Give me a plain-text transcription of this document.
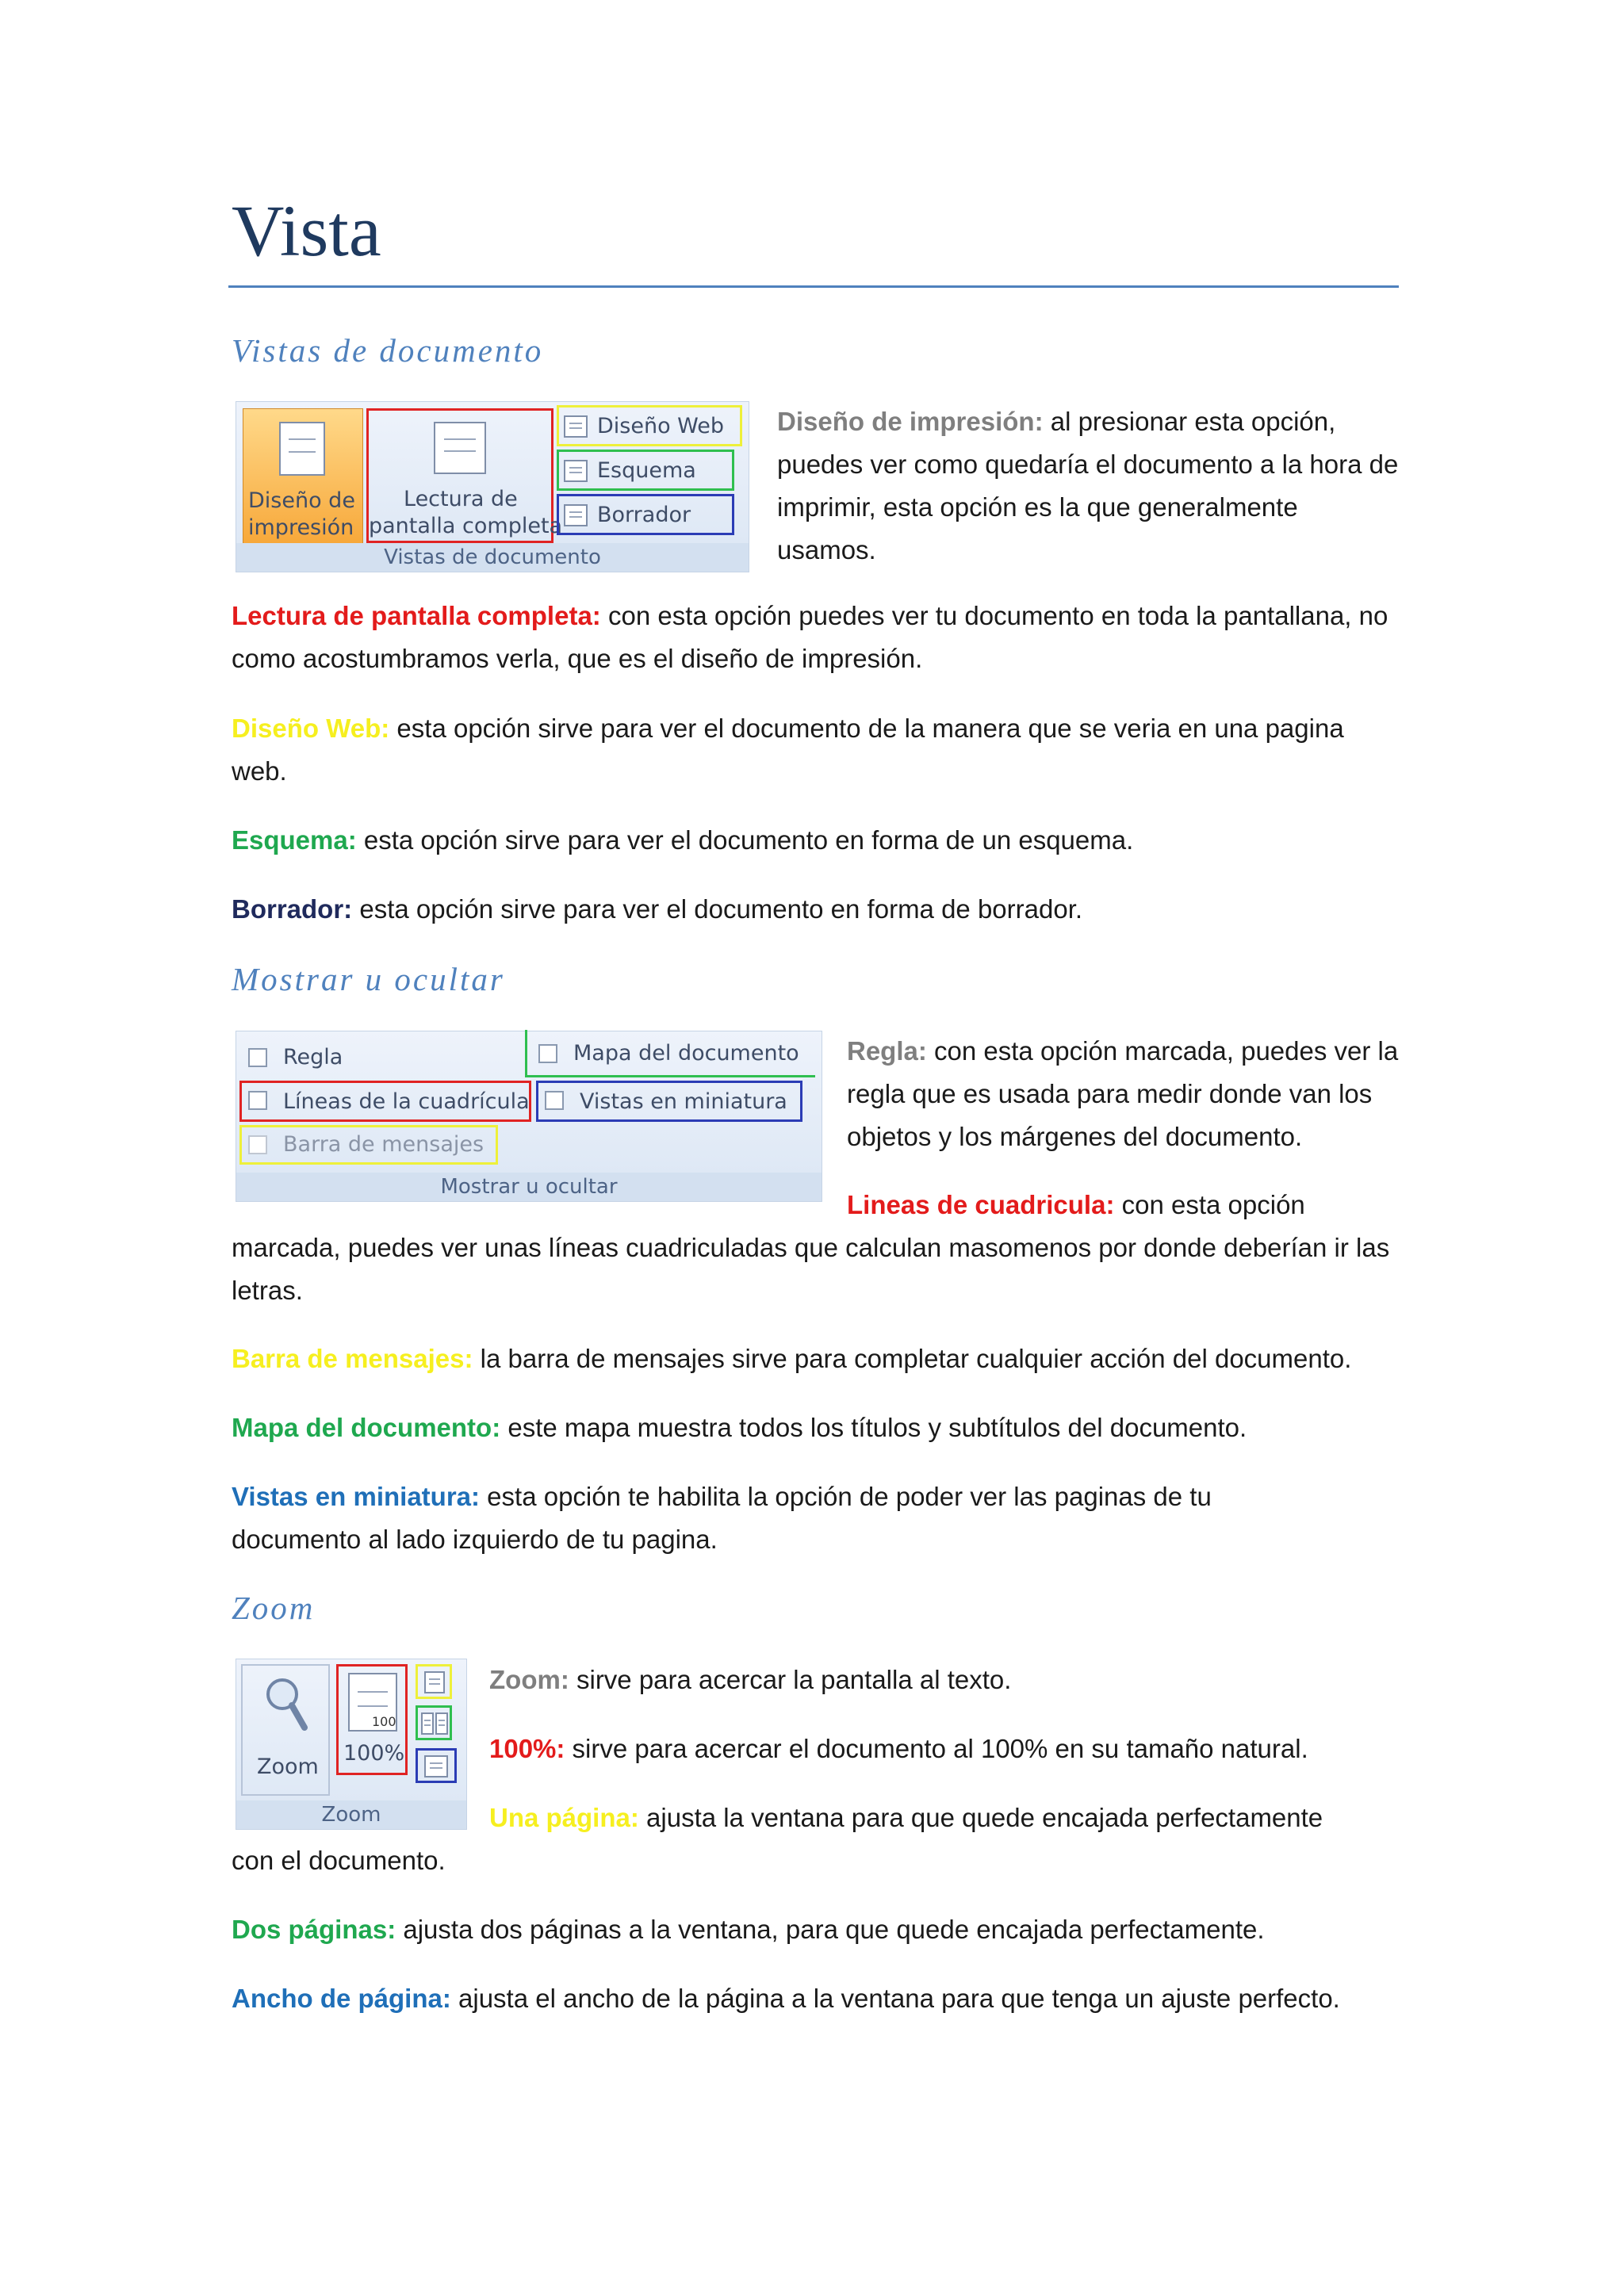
Vista
Vistas de documento
Diseño de
impresión
Lectura de
pantalla completa
Diseño Web
Esquema
Borrador
Vistas de documento

Diseño de impresión: al presionar esta opción, puedes ver como quedaría el documento a la hora de imprimir, esta opción es la que generalmente usamos.

Lectura de pantalla completa: con esta opción puedes ver tu documento en toda la pantallana, no como acostumbramos verla, que es el diseño de impresión.

Diseño Web: esta opción sirve para ver el documento de la manera que se veria en una pagina web.

Esquema: esta opción sirve para ver el documento en forma de un esquema.

Borrador: esta opción sirve para ver el documento en forma de borrador.

Mostrar u ocultar
Regla
Líneas de la cuadrícula
Barra de mensajes
Mapa del documento
Vistas en miniatura
Mostrar u ocultar

Regla: con esta opción marcada, puedes ver la regla que es usada para medir donde van los objetos y los márgenes del documento.

Lineas de cuadricula: con esta opción

marcada, puedes ver unas líneas cuadriculadas que calculan masomenos por donde deberían ir las letras.

Barra de mensajes: la barra de mensajes sirve para completar cualquier acción del documento.

Mapa del documento: este mapa muestra todos los títulos y subtítulos del documento.

Vistas en miniatura: esta opción te habilita la opción de poder ver las paginas de tu documento al lado izquierdo de tu pagina.

Zoom
Zoom
100
100%
Zoom

Zoom: sirve para acercar la pantalla al texto.

100%: sirve para acercar el documento al 100% en su tamaño natural.

Una página: ajusta la ventana para que quede encajada perfectamente

con el documento.

Dos páginas: ajusta dos páginas a la ventana, para que quede encajada perfectamente.

Ancho de página: ajusta el ancho de la página a la ventana para que tenga un ajuste perfecto.
